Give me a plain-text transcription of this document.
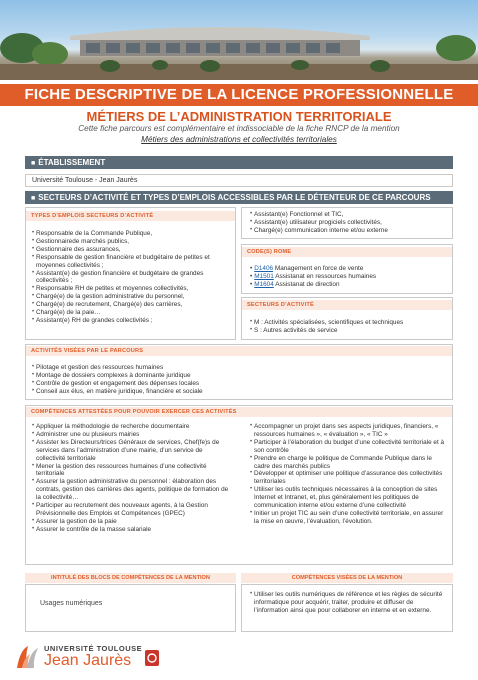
FICHE DESCRIPTIVE DE LA LICENCE PROFESSIONNELLE
MÉTIERS DE L’ADMINISTRATION TERRITORIALE
Cette fiche parcours est complémentaire et indissociable de la fiche RNCP de la mention
Métiers des administrations et collectivités territoriales
■ ÉTABLISSEMENT
Université Toulouse - Jean Jaurès
■ SECTEURS D’ACTIVITÉ ET TYPES D’EMPLOIS ACCESSIBLES PAR LE DÉTENTEUR DE CE PARCOURS
TYPES D’EMPLOIS SECTEURS D’ACTIVITÉ
• Responsable de la Commande Publique,
• Gestionnairede marchés publics,
• Gestionnaire des assurances,
• Responsable de gestion financière et budgétaire de petites et moyennes collectivités ;
• Assistant(e) de gestion financière et budgétaire de grandes collectivités ;
• Responsable RH de petites et moyennes collectivités,
• Chargé(e) de la gestion administrative du personnel,
• Chargé(e) de recrutement, Chargé(e) des carrières,
• Chargé(e) de la paie…
• Assistant(e) RH de grandes collectivités ;
• Assistant(e) Fonctionnel et TIC,
• Assistant(e) utilisateur progiciels collectivités,
• Chargé(e) communication interne et/ou externe
CODE(S) ROME
• D1406 Management en force de vente
• M1501 Assistanat en ressources humaines
• M1604 Assistanat de direction
SECTEURS D’ACTIVITÉ
• M : Activités spécialisées, scientifiques et techniques
• S : Autres activités de service
ACTIVITÉS VISÉES PAR LE PARCOURS
• Pilotage et gestion des ressources humaines
• Montage de dossiers complexes à dominante juridique
• Contrôle de gestion et engagement des dépenses locales
• Conseil aux élus, en matière juridique, financière et sociale
COMPÉTENCES ATTESTÉES POUR POUVOIR EXERCER CES ACTIVITÉS
• Appliquer la méthodologie de recherche documentaire
• Administrer une ou plusieurs mairies
• Assister les Directeurs/trices Généraux de services, Chef(fe)s de services dans l’administration d’une mairie, d’un service de collectivité territoriale
• Mener la gestion des ressources humaines d’une collectivité territoriale
• Assurer la gestion administrative du personnel : élaboration des contrats, gestion des carrières des agents, politique de formation de la collectivité…
• Participer au recrutement des nouveaux agents, à la Gestion Prévisionnelle des Emplois et Compétences (GPEC)
• Assurer la gestion de la paie
• Assurer le contrôle de la masse salariale
• Accompagner un projet dans ses aspects juridiques, financiers, « ressources humaines », « évaluation », « TIC »
• Participer à l’élaboration du budget d’une collectivité territoriale et à son contrôle
• Prendre en charge le politique de Commande Publique dans le cadre des marchés publics
• Développer et optimiser une politique d’assurance des collectivités territoriales
• Utiliser les outils techniques nécessaires à la conception de sites Internet et Intranet, et, plus généralement les politiques de communication interne et/ou externe d’une collectivité
• Initier un projet TIC au sein d’une collectivité territoriale, en assurer la mise en œuvre, l’évaluation, l’évolution.
INTITULÉ DES BLOCS DE COMPÉTENCES DE LA MENTION	COMPÉTENCES VISÉES DE LA MENTION
Usages numériques
• Utiliser les outils numériques de référence et les règles de sécurité informatique pour acquérir, traiter, produire et diffuser de l’information ainsi que pour collaborer en interne et en externe.
UNIVERSITÉ TOULOUSE
Jean Jaurès
